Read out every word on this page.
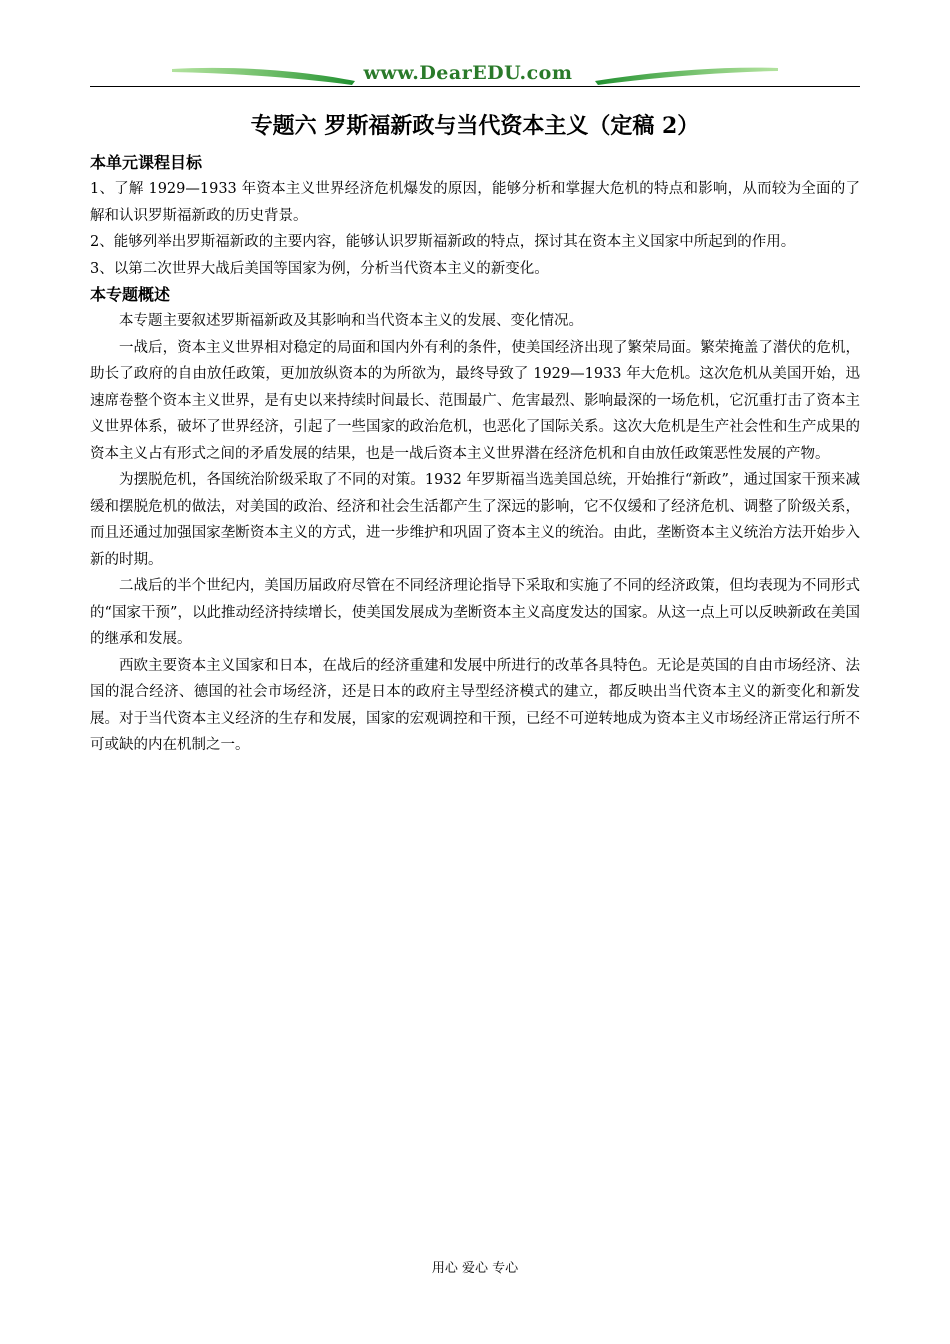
www.DearEDU.com
专题六 罗斯福新政与当代资本主义（定稿 2）

本单元课程目标

1、了解 1929—1933 年资本主义世界经济危机爆发的原因，能够分析和掌握大危机的特点和影响，从而较为全面的了解和认识罗斯福新政的历史背景。

2、能够列举出罗斯福新政的主要内容，能够认识罗斯福新政的特点，探讨其在资本主义国家中所起到的作用。

3、以第二次世界大战后美国等国家为例，分析当代资本主义的新变化。

本专题概述

本专题主要叙述罗斯福新政及其影响和当代资本主义的发展、变化情况。

一战后，资本主义世界相对稳定的局面和国内外有利的条件，使美国经济出现了繁荣局面。繁荣掩盖了潜伏的危机，助长了政府的自由放任政策，更加放纵资本的为所欲为，最终导致了 1929—1933 年大危机。这次危机从美国开始，迅速席卷整个资本主义世界，是有史以来持续时间最长、范围最广、危害最烈、影响最深的一场危机，它沉重打击了资本主义世界体系，破坏了世界经济，引起了一些国家的政治危机，也恶化了国际关系。这次大危机是生产社会性和生产成果的资本主义占有形式之间的矛盾发展的结果，也是一战后资本主义世界潜在经济危机和自由放任政策恶性发展的产物。

为摆脱危机，各国统治阶级采取了不同的对策。1932 年罗斯福当选美国总统，开始推行“新政”，通过国家干预来减缓和摆脱危机的做法，对美国的政治、经济和社会生活都产生了深远的影响，它不仅缓和了经济危机、调整了阶级关系，而且还通过加强国家垄断资本主义的方式，进一步维护和巩固了资本主义的统治。由此，垄断资本主义统治方法开始步入新的时期。

二战后的半个世纪内，美国历届政府尽管在不同经济理论指导下采取和实施了不同的经济政策，但均表现为不同形式的“国家干预”，以此推动经济持续增长，使美国发展成为垄断资本主义高度发达的国家。从这一点上可以反映新政在美国的继承和发展。

西欧主要资本主义国家和日本，在战后的经济重建和发展中所进行的改革各具特色。无论是英国的自由市场经济、法国的混合经济、德国的社会市场经济，还是日本的政府主导型经济模式的建立，都反映出当代资本主义的新变化和新发展。对于当代资本主义经济的生存和发展，国家的宏观调控和干预，已经不可逆转地成为资本主义市场经济正常运行所不可或缺的内在机制之一。

用心 爱心 专心
